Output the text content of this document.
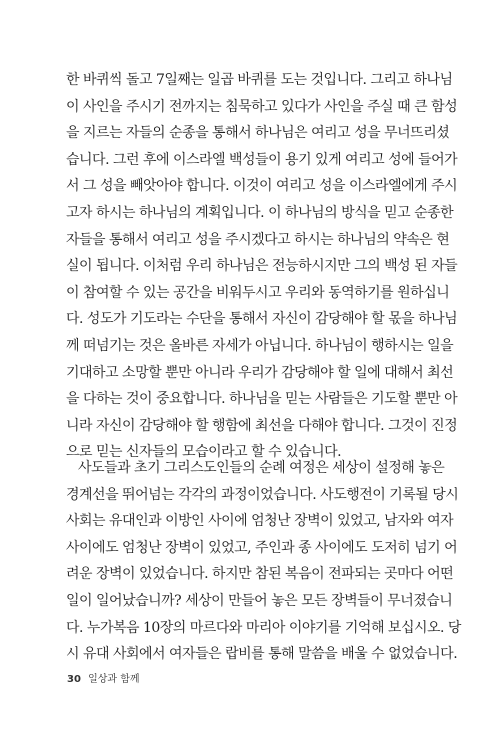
한 바퀴씩 돌고 7일째는 일곱 바퀴를 도는 것입니다. 그리고 하나님
이 사인을 주시기 전까지는 침묵하고 있다가 사인을 주실 때 큰 함성
을 지르는 자들의 순종을 통해서 하나님은 여리고 성을 무너뜨리셨
습니다. 그런 후에 이스라엘 백성들이 용기 있게 여리고 성에 들어가
서 그 성을 빼앗아야 합니다. 이것이 여리고 성을 이스라엘에게 주시
고자 하시는 하나님의 계획입니다. 이 하나님의 방식을 믿고 순종한
자들을 통해서 여리고 성을 주시겠다고 하시는 하나님의 약속은 현
실이 됩니다. 이처럼 우리 하나님은 전능하시지만 그의 백성 된 자들
이 참여할 수 있는 공간을 비워두시고 우리와 동역하기를 원하십니
다. 성도가 기도라는 수단을 통해서 자신이 감당해야 할 몫을 하나님
께 떠넘기는 것은 올바른 자세가 아닙니다. 하나님이 행하시는 일을
기대하고 소망할 뿐만 아니라 우리가 감당해야 할 일에 대해서 최선
을 다하는 것이 중요합니다. 하나님을 믿는 사람들은 기도할 뿐만 아
니라 자신이 감당해야 할 행함에 최선을 다해야 합니다. 그것이 진정
으로 믿는 신자들의 모습이라고 할 수 있습니다.
사도들과 초기 그리스도인들의 순례 여정은 세상이 설정해 놓은
경계선을 뛰어넘는 각각의 과정이었습니다. 사도행전이 기록될 당시
사회는 유대인과 이방인 사이에 엄청난 장벽이 있었고, 남자와 여자
사이에도 엄청난 장벽이 있었고, 주인과 종 사이에도 도저히 넘기 어
려운 장벽이 있었습니다. 하지만 참된 복음이 전파되는 곳마다 어떤
일이 일어났습니까? 세상이 만들어 놓은 모든 장벽들이 무너졌습니
다. 누가복음 10장의 마르다와 마리아 이야기를 기억해 보십시오. 당
시 유대 사회에서 여자들은 랍비를 통해 말씀을 배울 수 없었습니다.
30 일상과 함께
